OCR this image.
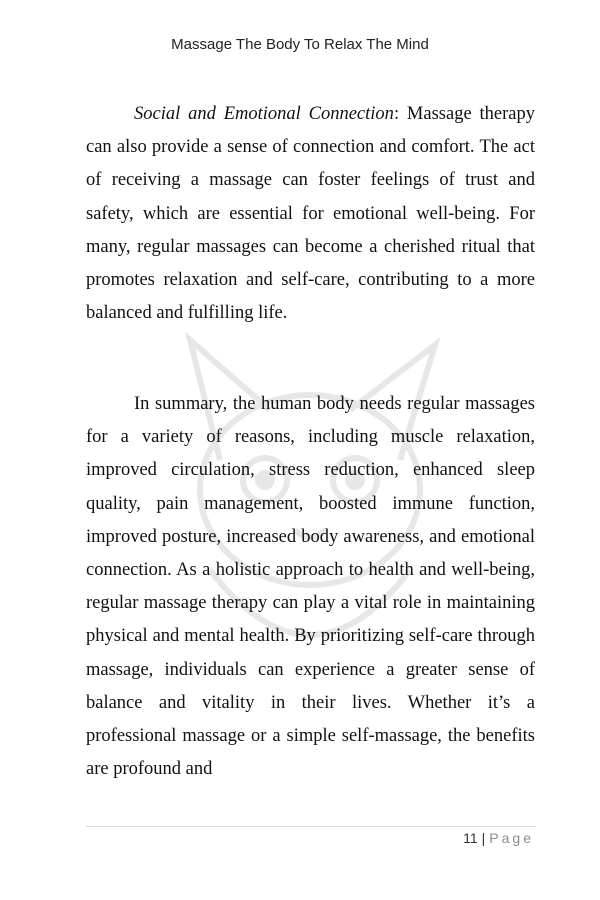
Massage The Body To Relax The Mind

Social and Emotional Connection: Massage therapy can also provide a sense of connection and comfort. The act of receiving a massage can foster feelings of trust and safety, which are essential for emotional well-being. For many, regular massages can become a cherished ritual that promotes relaxation and self-care, contributing to a more balanced and fulfilling life.

In summary, the human body needs regular massages for a variety of reasons, including muscle relaxation, improved circulation, stress reduction, enhanced sleep quality, pain management, boosted immune function, improved posture, increased body awareness, and emotional connection. As a holistic approach to health and well-being, regular massage therapy can play a vital role in maintaining physical and mental health. By prioritizing self-care through massage, individuals can experience a greater sense of balance and vitality in their lives. Whether it’s a professional massage or a simple self-massage, the benefits are profound and

11 | Page
